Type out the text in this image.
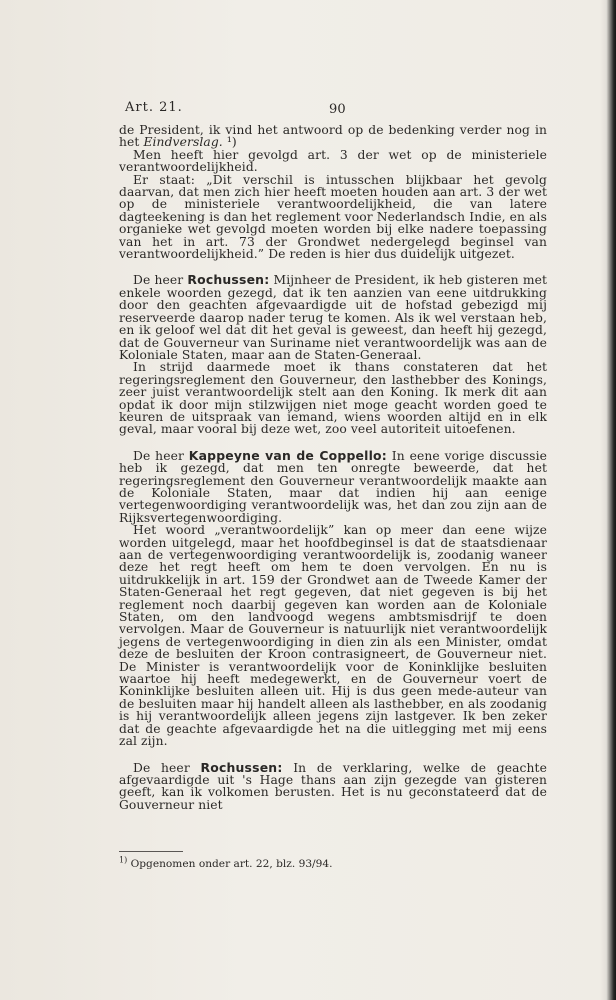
Art. 21.	90

de President, ik vind het antwoord op de bedenking verder nog in het Eindverslag. ¹)

Men heeft hier gevolgd art. 3 der wet op de ministeriele verantwoordelijkheid.

Er staat: „Dit verschil is intusschen blijkbaar het gevolg daarvan, dat men zich hier heeft moeten houden aan art. 3 der wet op de ministeriele verantwoordelijkheid, die van latere dagteekening is dan het reglement voor Nederlandsch Indie, en als organieke wet gevolgd moeten worden bij elke nadere toepassing van het in art. 73 der Grondwet nedergelegd beginsel van verantwoordelijkheid.” De reden is hier dus duidelijk uitgezet.

De heer Rochussen: Mijnheer de President, ik heb gisteren met enkele woorden gezegd, dat ik ten aanzien van eene uitdrukking door den geachten afgevaardigde uit de hofstad gebezigd mij reserveerde daarop nader terug te komen. Als ik wel verstaan heb, en ik geloof wel dat dit het geval is geweest, dan heeft hij gezegd, dat de Gouverneur van Suriname niet verantwoordelijk was aan de Koloniale Staten, maar aan de Staten-Generaal.

In strijd daarmede moet ik thans constateren dat het regeringsreglement den Gouverneur, den lasthebber des Konings, zeer juist verantwoordelijk stelt aan den Koning. Ik merk dit aan opdat ik door mijn stilzwijgen niet moge geacht worden goed te keuren de uitspraak van iemand, wiens woorden altijd en in elk geval, maar vooral bij deze wet, zoo veel autoriteit uitoefenen.

De heer Kappeyne van de Coppello: In eene vorige discussie heb ik gezegd, dat men ten onregte beweerde, dat het regeringsreglement den Gouverneur verantwoordelijk maakte aan de Koloniale Staten, maar dat indien hij aan eenige vertegenwoordiging verantwoordelijk was, het dan zou zijn aan de Rijksvertegenwoordiging.

Het woord „verantwoordelijk” kan op meer dan eene wijze worden uitgelegd, maar het hoofdbeginsel is dat de staatsdienaar aan de vertegenwoordiging verantwoordelijk is, zoodanig waneer deze het regt heeft om hem te doen vervolgen. En nu is uitdrukkelijk in art. 159 der Grondwet aan de Tweede Kamer der Staten-Generaal het regt gegeven, dat niet gegeven is bij het reglement noch daarbij gegeven kan worden aan de Koloniale Staten, om den landvoogd wegens ambtsmisdrijf te doen vervolgen. Maar de Gouverneur is natuurlijk niet verantwoordelijk jegens de vertegenwoordiging in dien zin als een Minister, omdat deze de besluiten der Kroon contrasigneert, de Gouverneur niet. De Minister is verantwoordelijk voor de Koninklijke besluiten waartoe hij heeft medegewerkt, en de Gouverneur voert de Koninklijke besluiten alleen uit. Hij is dus geen mede-auteur van de besluiten maar hij handelt alleen als lasthebber, en als zoodanig is hij verantwoordelijk alleen jegens zijn lastgever. Ik ben zeker dat de geachte afgevaardigde het na die uitlegging met mij eens zal zijn.

De heer Rochussen: In de verklaring, welke de geachte afgevaardigde uit 's Hage thans aan zijn gezegde van gisteren geeft, kan ik volkomen berusten. Het is nu geconstateerd dat de Gouverneur niet

$^{1)}$ Opgenomen onder art. 22, blz. 93/94.
